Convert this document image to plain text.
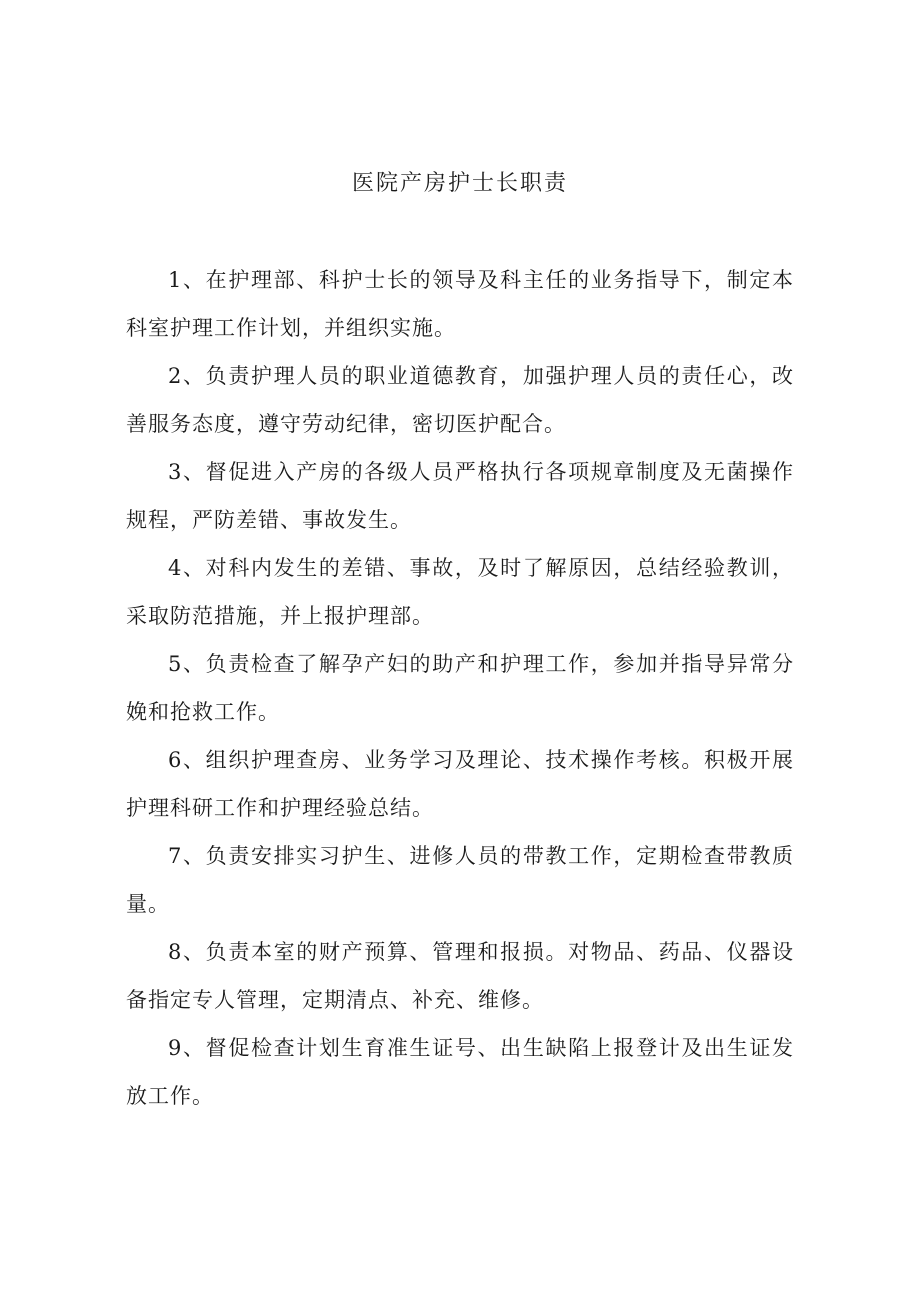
医院产房护士长职责

1、在护理部、科护士长的领导及科主任的业务指导下，制定本科室护理工作计划，并组织实施。

2、负责护理人员的职业道德教育，加强护理人员的责任心，改善服务态度，遵守劳动纪律，密切医护配合。

3、督促进入产房的各级人员严格执行各项规章制度及无菌操作规程，严防差错、事故发生。

4、对科内发生的差错、事故，及时了解原因，总结经验教训，采取防范措施，并上报护理部。

5、负责检查了解孕产妇的助产和护理工作，参加并指导异常分娩和抢救工作。

6、组织护理查房、业务学习及理论、技术操作考核。积极开展护理科研工作和护理经验总结。

7、负责安排实习护生、进修人员的带教工作，定期检查带教质量。

8、负责本室的财产预算、管理和报损。对物品、药品、仪器设备指定专人管理，定期清点、补充、维修。

9、督促检查计划生育准生证号、出生缺陷上报登计及出生证发放工作。
